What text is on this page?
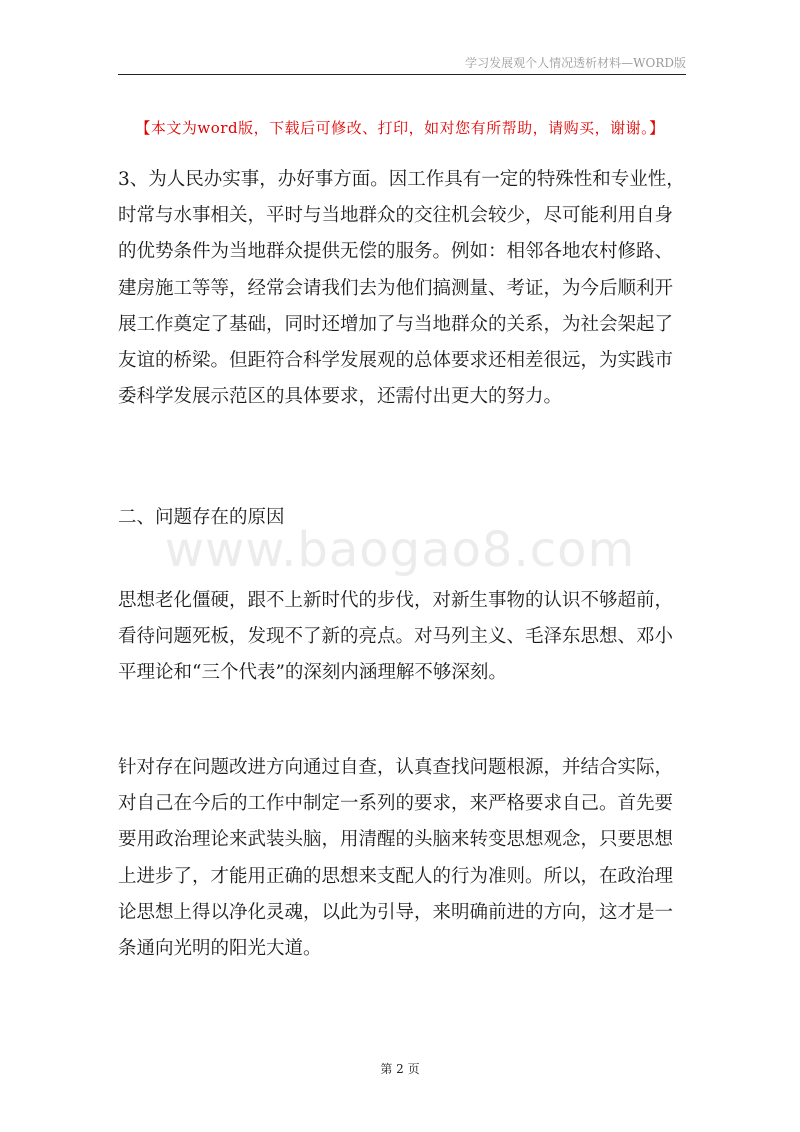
学习发展观个人情况透析材料—WORD版
【本文为word版，下载后可修改、打印，如对您有所帮助，请购买，谢谢。】
www.baogao8.com
3、为人民办实事，办好事方面。因工作具有一定的特殊性和专业性，
时常与水事相关，平时与当地群众的交往机会较少，尽可能利用自身
的优势条件为当地群众提供无偿的服务。例如：相邻各地农村修路、
建房施工等等，经常会请我们去为他们搞测量、考证，为今后顺利开
展工作奠定了基础，同时还增加了与当地群众的关系，为社会架起了
友谊的桥梁。但距符合科学发展观的总体要求还相差很远，为实践市
委科学发展示范区的具体要求，还需付出更大的努力。
二、问题存在的原因
思想老化僵硬，跟不上新时代的步伐，对新生事物的认识不够超前，
看待问题死板，发现不了新的亮点。对马列主义、毛泽东思想、邓小
平理论和“三个代表”的深刻内涵理解不够深刻。
针对存在问题改进方向通过自查，认真查找问题根源，并结合实际，
对自己在今后的工作中制定一系列的要求，来严格要求自己。首先要
要用政治理论来武装头脑，用清醒的头脑来转变思想观念，只要思想
上进步了，才能用正确的思想来支配人的行为准则。所以，在政治理
论思想上得以净化灵魂，以此为引导，来明确前进的方向，这才是一
条通向光明的阳光大道。
第 2 页
